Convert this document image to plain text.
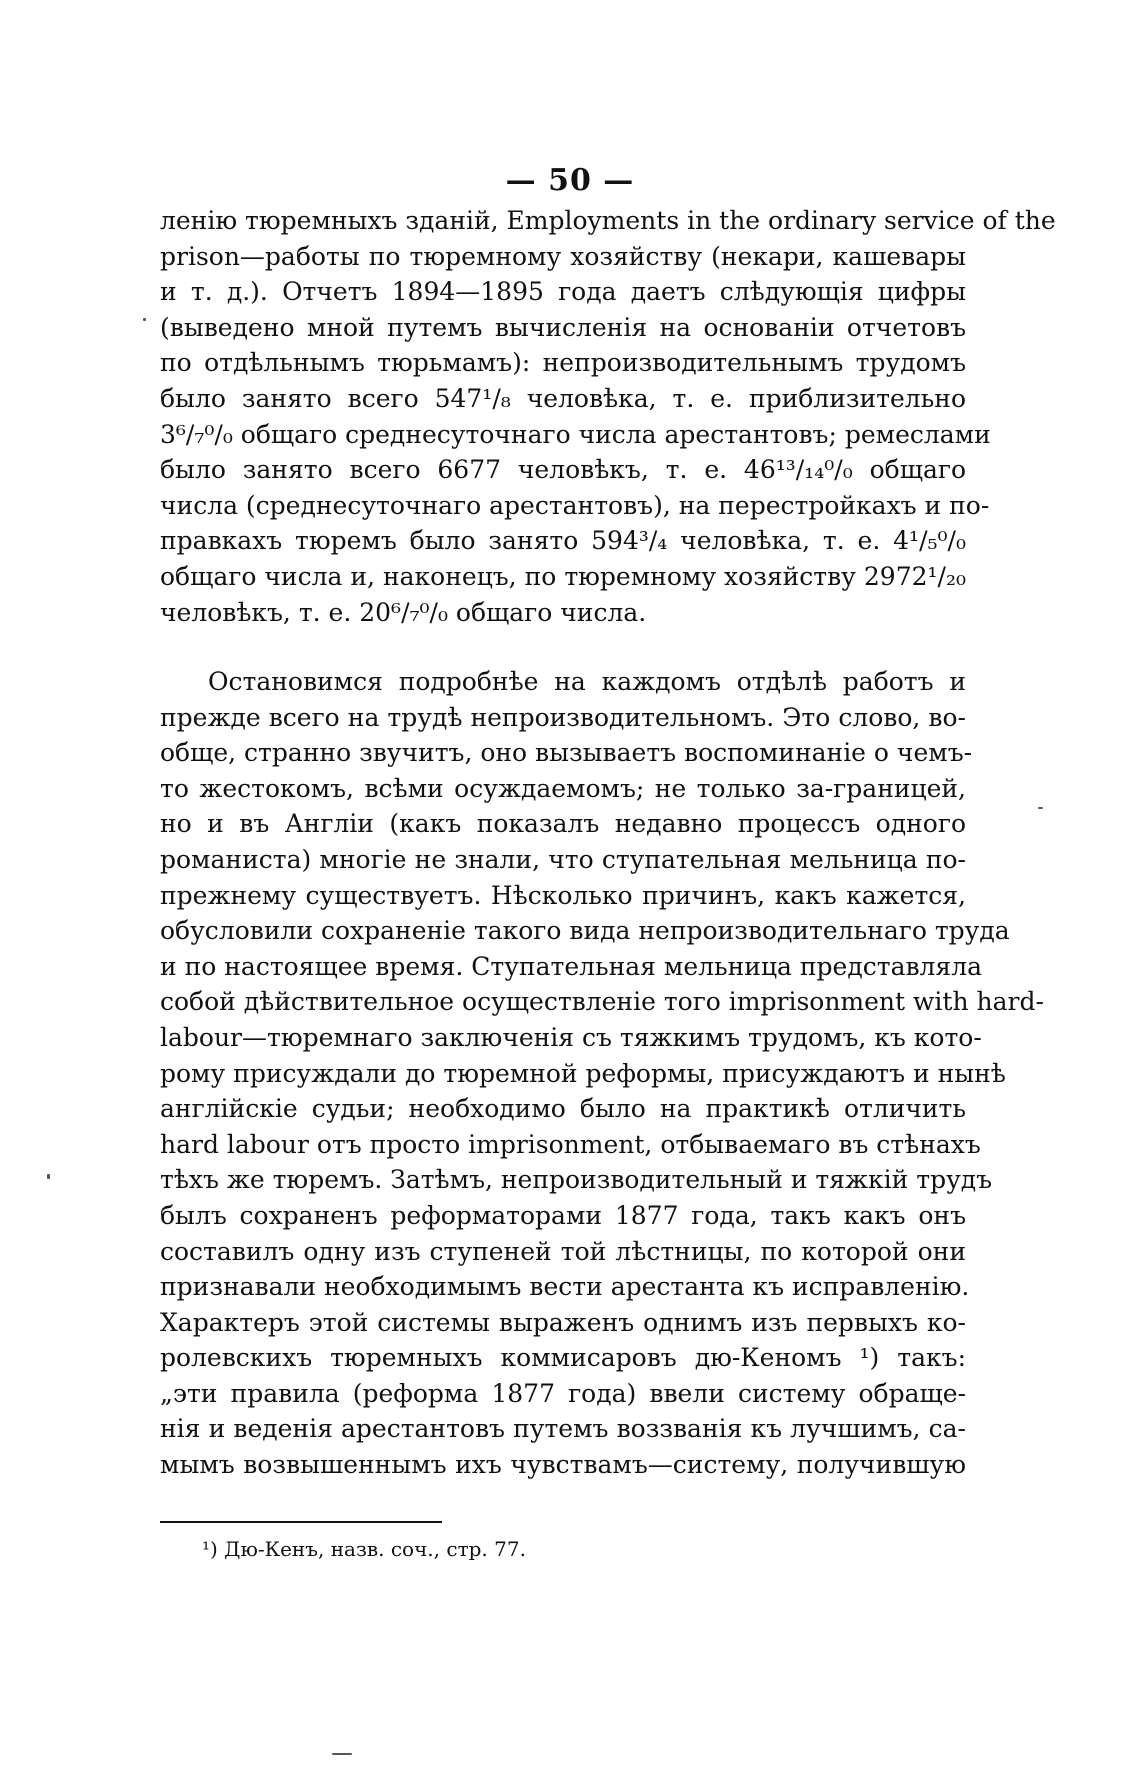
— 50 —
ленію тюремныхъ зданій, Employments in the ordinary service of the
prison—работы по тюремному хозяйству (некари, кашевары
и т. д.). Отчетъ 1894—1895 года даетъ слѣдующія цифры
(выведено мной путемъ вычисленія на основаніи отчетовъ
по отдѣльнымъ тюрьмамъ): непроизводительнымъ трудомъ
было занято всего 547¹/₈ человѣка, т. е. приблизительно
3⁶/₇⁰/₀ общаго среднесуточнаго числа арестантовъ; ремеслами
было занято всего 6677 человѣкъ, т. е. 46¹³/₁₄⁰/₀ общаго
числа (среднесуточнаго арестантовъ), на перестройкахъ и по-
правкахъ тюремъ было занято 594³/₄ человѣка, т. е. 4¹/₅⁰/₀
общаго числа и, наконецъ, по тюремному хозяйству 2972¹/₂₀
человѣкъ, т. е. 20⁶/₇⁰/₀ общаго числа.
Остановимся подробнѣе на каждомъ отдѣлѣ работъ и
прежде всего на трудѣ непроизводительномъ. Это слово, во-
обще, странно звучитъ, оно вызываетъ воспоминаніе о чемъ-
то жестокомъ, всѣми осуждаемомъ; не только за-границей,
но и въ Англіи (какъ показалъ недавно процессъ одного
романиста) многіе не знали, что ступательная мельница по-
прежнему существуетъ. Нѣсколько причинъ, какъ кажется,
обусловили сохраненіе такого вида непроизводительнаго труда
и по настоящее время. Ступательная мельница представляла
собой дѣйствительное осуществленіе того imprisonment with hard-
labour—тюремнаго заключенія съ тяжкимъ трудомъ, къ кото-
рому присуждали до тюремной реформы, присуждаютъ и нынѣ
англійскіе судьи; необходимо было на практикѣ отличить
hard labour отъ просто imprisonment, отбываемаго въ стѣнахъ
тѣхъ же тюремъ. Затѣмъ, непроизводительный и тяжкій трудъ
былъ сохраненъ реформаторами 1877 года, такъ какъ онъ
составилъ одну изъ ступеней той лѣстницы, по которой они
признавали необходимымъ вести арестанта къ исправленію.
Характеръ этой системы выраженъ однимъ изъ первыхъ ко-
ролевскихъ тюремныхъ коммисаровъ дю-Кеномъ ¹) такъ:
„эти правила (реформа 1877 года) ввели систему обраще-
нія и веденія арестантовъ путемъ воззванія къ лучшимъ, са-
мымъ возвышеннымъ ихъ чувствамъ—систему, получившую
¹) Дю-Кенъ, назв. соч., стр. 77.
